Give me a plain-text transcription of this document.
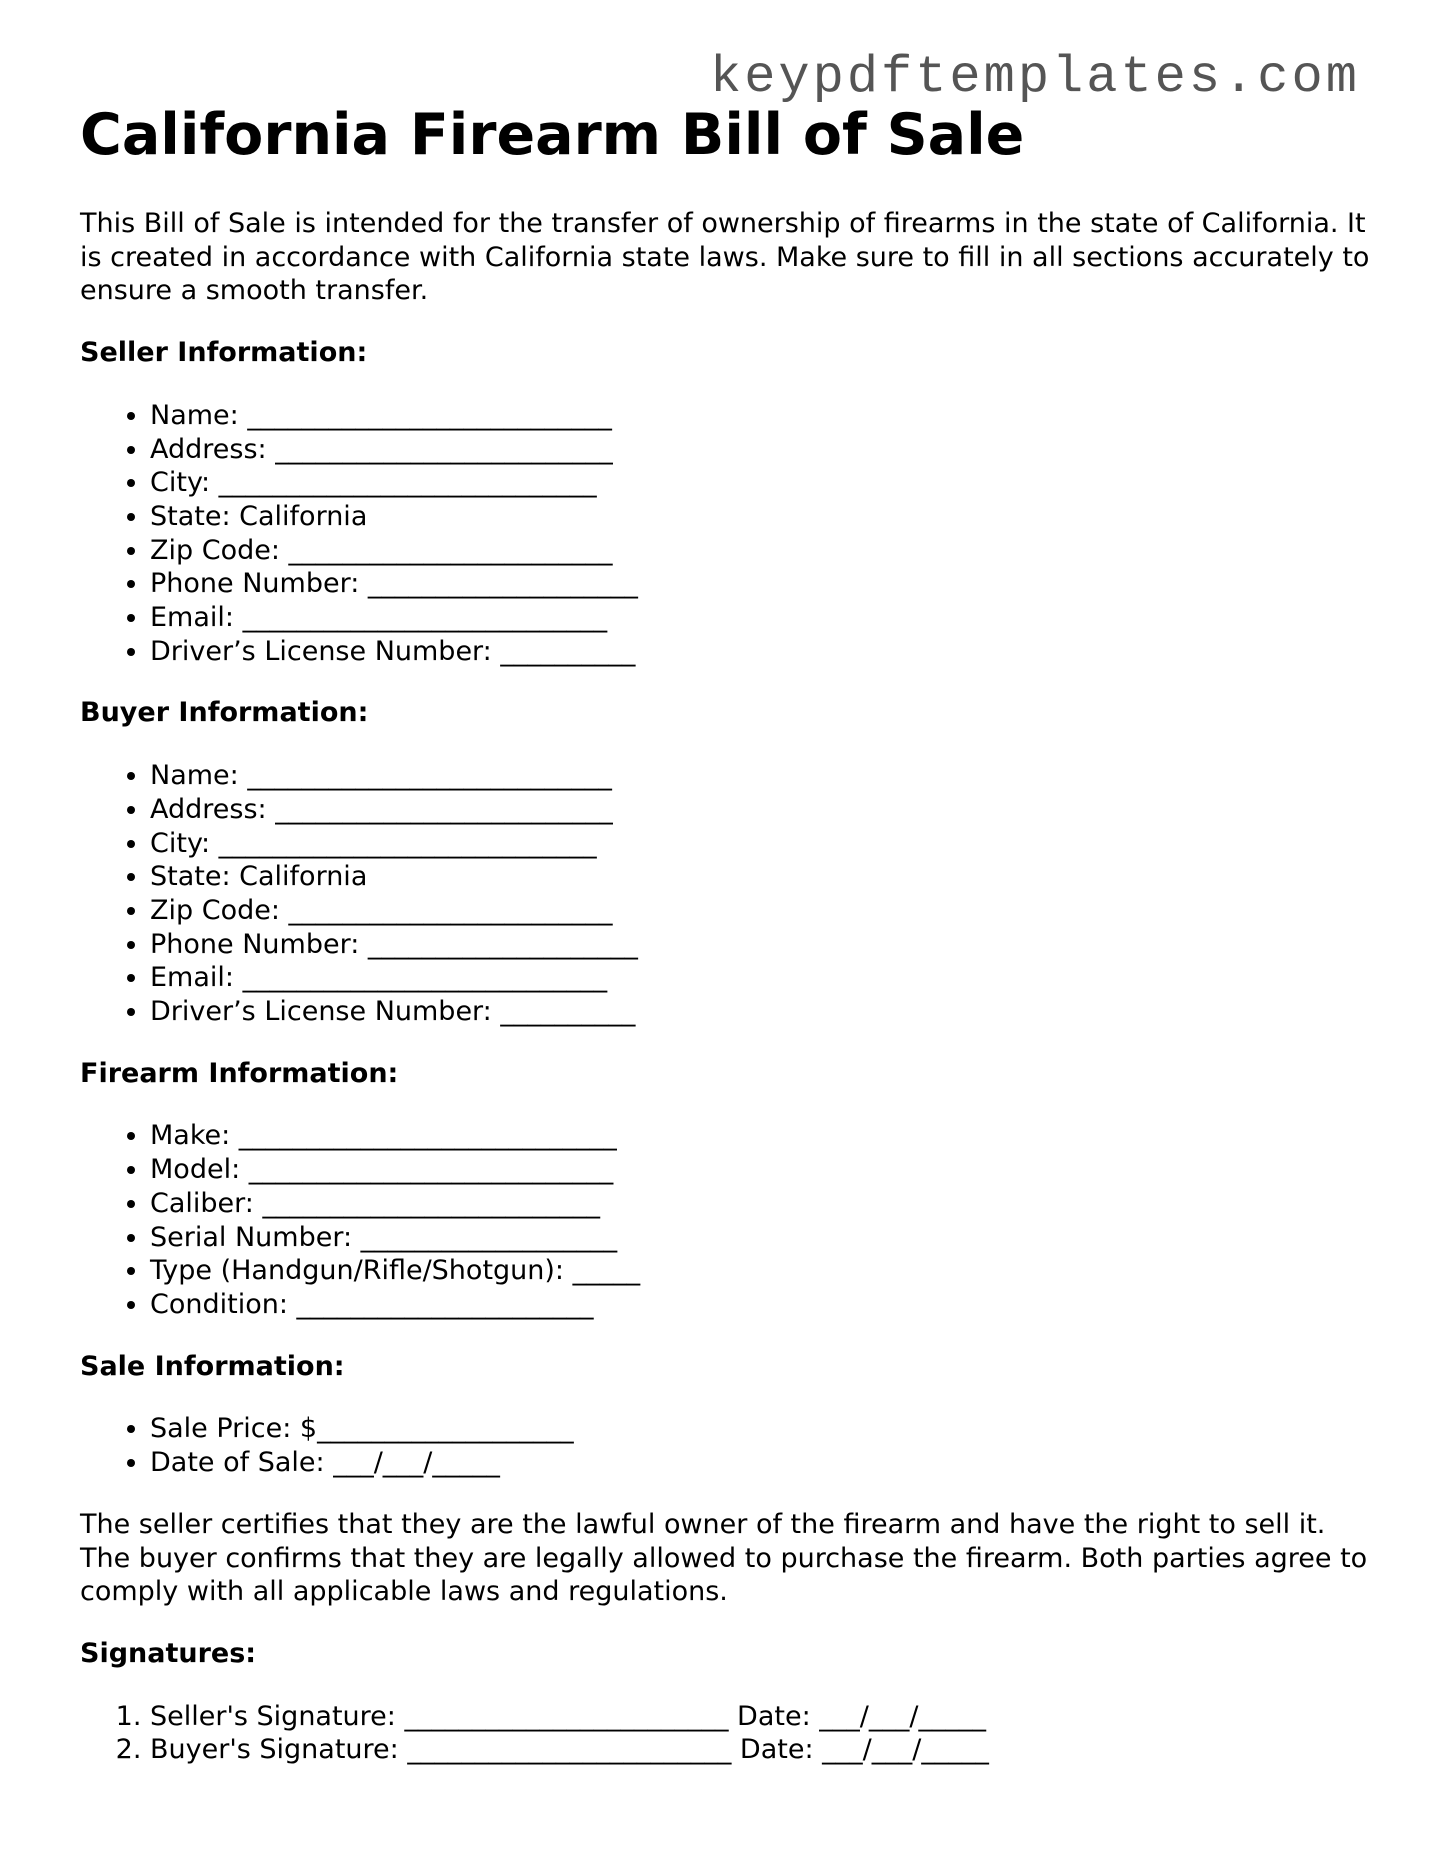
keypdftemplates.com
California Firearm Bill of Sale

This Bill of Sale is intended for the transfer of ownership of firearms in the state of California. It is created in accordance with California state laws. Make sure to fill in all sections accurately to ensure a smooth transfer.

Seller Information:
• Name: ___________________________
• Address: _________________________
• City: ____________________________
• State: California
• Zip Code: ________________________
• Phone Number: ____________________
• Email: ___________________________
• Driver’s License Number: __________
Buyer Information:
• Name: ___________________________
• Address: _________________________
• City: ____________________________
• State: California
• Zip Code: ________________________
• Phone Number: ____________________
• Email: ___________________________
• Driver’s License Number: __________
Firearm Information:
• Make: ____________________________
• Model: ___________________________
• Caliber: _________________________
• Serial Number: ___________________
• Type (Handgun/Rifle/Shotgun): _____
• Condition: ______________________
Sale Information:
• Sale Price: $___________________
• Date of Sale: ___/___/_____

The seller certifies that they are the lawful owner of the firearm and have the right to sell it. The buyer confirms that they are legally allowed to purchase the firearm. Both parties agree to comply with all applicable laws and regulations.

Signatures:
1. Seller's Signature: ________________________ Date: ___/___/_____
2. Buyer's Signature: ________________________ Date: ___/___/_____
